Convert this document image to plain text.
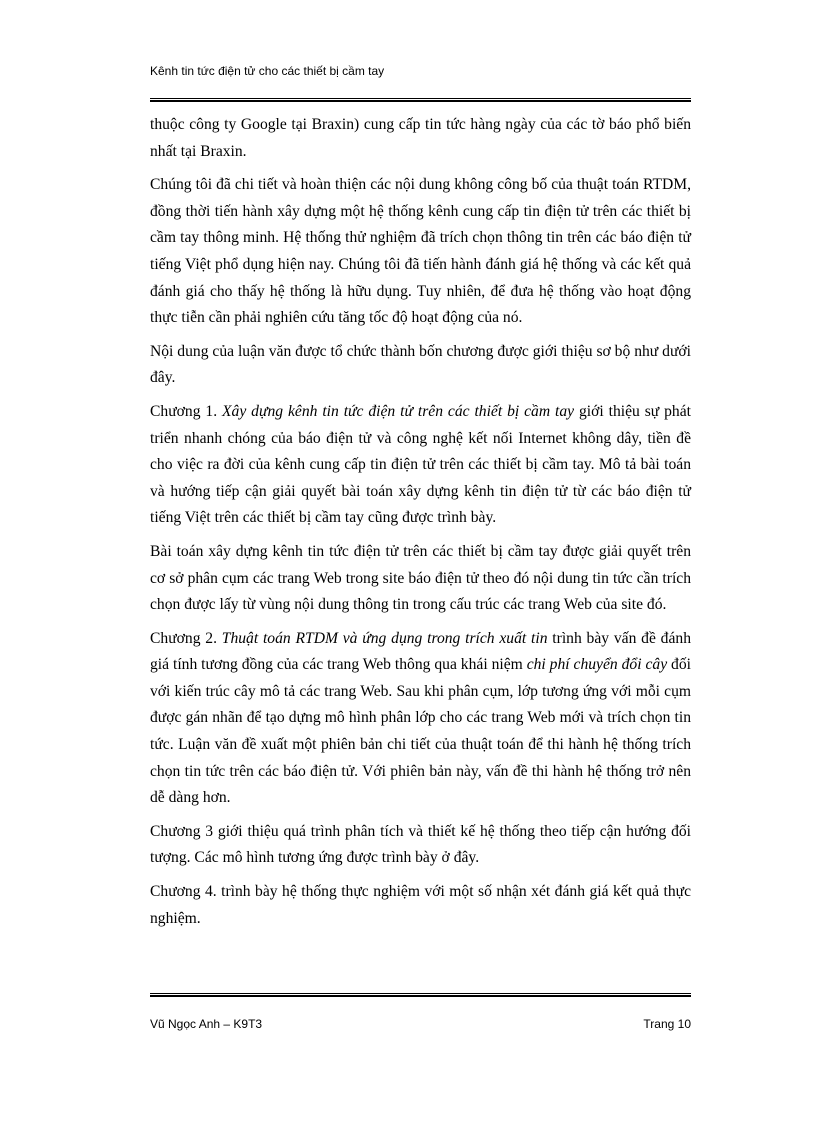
Kênh tin tức điện tử cho các thiết bị cầm tay

thuộc công ty Google tại Braxin) cung cấp tin tức hàng ngày của các tờ báo phổ biến nhất tại Braxin.

Chúng tôi đã chi tiết và hoàn thiện các nội dung không công bố của thuật toán RTDM, đồng thời tiến hành xây dựng một hệ thống kênh cung cấp tin điện tử trên các thiết bị cầm tay thông minh. Hệ thống thử nghiệm đã trích chọn thông tin trên các báo điện tử tiếng Việt phổ dụng hiện nay. Chúng tôi đã tiến hành đánh giá hệ thống và các kết quả đánh giá cho thấy hệ thống là hữu dụng. Tuy nhiên, để đưa hệ thống vào hoạt động thực tiễn cần phải nghiên cứu tăng tốc độ hoạt động của nó.

Nội dung của luận văn được tổ chức thành bốn chương được giới thiệu sơ bộ như dưới đây.

Chương 1. Xây dựng kênh tin tức điện tử trên các thiết bị cầm tay giới thiệu sự phát triển nhanh chóng của báo điện tử và công nghệ kết nối Internet không dây, tiền đề cho việc ra đời của kênh cung cấp tin điện tử trên các thiết bị cầm tay. Mô tả bài toán và hướng tiếp cận giải quyết bài toán xây dựng kênh tin điện tử từ các báo điện tử tiếng Việt trên các thiết bị cầm tay cũng được trình bày.

Bài toán xây dựng kênh tin tức điện tử trên các thiết bị cầm tay được giải quyết trên cơ sở phân cụm các trang Web trong site báo điện tử theo đó nội dung tin tức cần trích chọn được lấy từ vùng nội dung thông tin trong cấu trúc các trang Web của site đó.

Chương 2. Thuật toán RTDM và ứng dụng trong trích xuất tin trình bày vấn đề đánh giá tính tương đồng của các trang Web thông qua khái niệm chi phí chuyển đổi cây đối với kiến trúc cây mô tả các trang Web. Sau khi phân cụm, lớp tương ứng với mỗi cụm được gán nhãn để tạo dựng mô hình phân lớp cho các trang Web mới và trích chọn tin tức. Luận văn đề xuất một phiên bản chi tiết của thuật toán để thi hành hệ thống trích chọn tin tức trên các báo điện tử. Với phiên bản này, vấn đề thi hành hệ thống trở nên dễ dàng hơn.

Chương 3 giới thiệu quá trình phân tích và thiết kế hệ thống theo tiếp cận hướng đối tượng. Các mô hình tương ứng được trình bày ở đây.

Chương 4. trình bày hệ thống thực nghiệm với một số nhận xét đánh giá kết quả thực nghiệm.

Vũ Ngọc Anh – K9T3	Trang 10
